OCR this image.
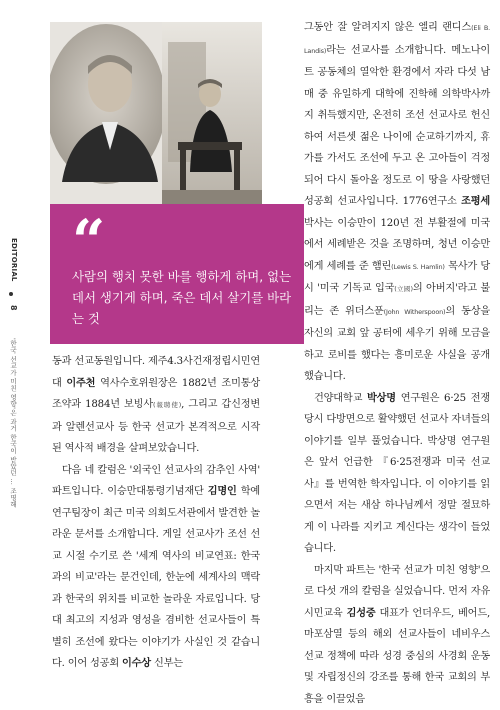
EDITORIAL
8
'한국 선교가 미친 영향'은 과거 한국이 받았던 … 조명해
“
사람의 행치 못한 바를 행하게 하며, 없는 데서 생기게 하며, 죽은 데서 살기를 바라는 것

그동안 잘 알려지지 않은 엘리 랜디스(Eli B. Landis)라는 선교사를 소개합니다. 메노나이트 공동체의 열악한 환경에서 자라 다섯 남매 중 유일하게 대학에 진학해 의학박사까지 취득했지만, 온전히 조선 선교사로 헌신하여 서른셋 젊은 나이에 순교하기까지, 휴가를 가서도 조선에 두고 온 고아들이 걱정되어 다시 돌아올 정도로 이 땅을 사랑했던 성공회 선교사입니다. 1776연구소 조평세 박사는 이승만이 120년 전 부활절에 미국에서 세례받은 것을 조명하며, 청년 이승만에게 세례를 준 햄린(Lewis S. Hamlin) 목사가 당시 '미국 기독교 입국(立國)의 아버지'라고 불리는 존 위더스푼(John Witherspoon)의 동상을 자신의 교회 앞 공터에 세우기 위해 모금을 하고 로비를 했다는 흥미로운 사실을 공개했습니다.

건양대학교 박상명 연구원은 6·25 전쟁 당시 다방면으로 활약했던 선교사 자녀들의 이야기를 일부 풀었습니다. 박상명 연구원은 앞서 언급한 『6·25전쟁과 미국 선교사』를 번역한 학자입니다. 이 이야기를 읽으면서 저는 새삼 하나님께서 정말 절묘하게 이 나라를 지키고 계신다는 생각이 들었습니다.

마지막 파트는 '한국 선교가 미친 영향'으로 다섯 개의 칼럼을 실었습니다. 먼저 자유시민교육 김성중 대표가 언더우드, 베어드, 마포삼열 등의 해외 선교사들이 네비우스 선교 정책에 따라 성경 중심의 사경회 운동 및 자립정신의 강조를 통해 한국 교회의 부흥을 이끌었음

동과 선교동원입니다. 제주4.3사건재정립시민연대 이주천 역사수호위원장은 1882년 조미통상조약과 1884년 보빙사(報聘使), 그리고 갑신정변과 알렌선교사 등 한국 선교가 본격적으로 시작된 역사적 배경을 살펴보았습니다.

다음 네 칼럼은 '외국인 선교사의 감추인 사역' 파트입니다. 이승만대통령기념재단 김명인 학예연구팀장이 최근 미국 의회도서관에서 발견한 놀라운 문서를 소개합니다. 게일 선교사가 조선 선교 시절 수기로 쓴 '세계 역사의 비교연표: 한국과의 비교'라는 문건인데, 한눈에 세계사의 맥락과 한국의 위치를 비교한 놀라운 자료입니다. 당대 최고의 지성과 영성을 겸비한 선교사들이 특별히 조선에 왔다는 이야기가 사실인 것 같습니다. 이어 성공회 이수상 신부는
